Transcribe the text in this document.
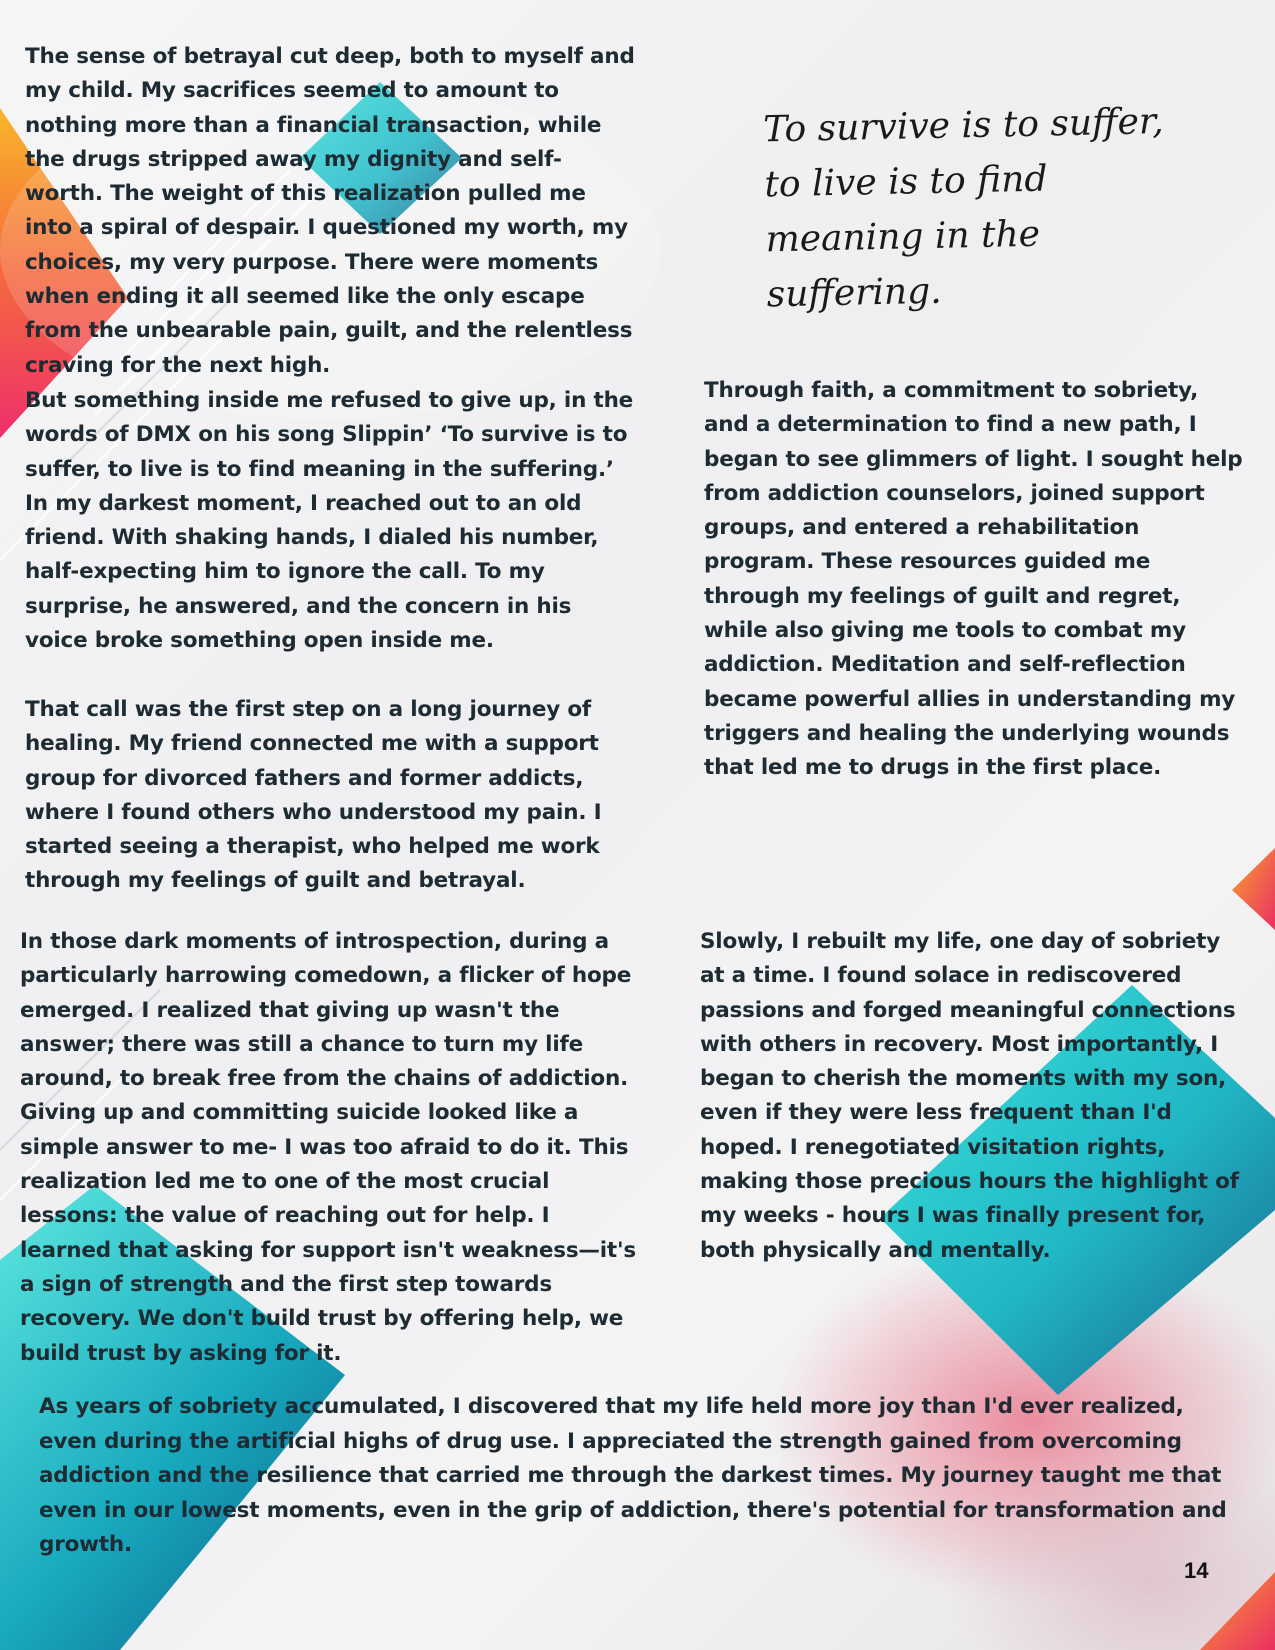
The sense of betrayal cut deep, both to myself and my child. My sacrifices seemed to amount to nothing more than a financial transaction, while the drugs stripped away my dignity and self-worth. The weight of this realization pulled me into a spiral of despair. I questioned my worth, my choices, my very purpose. There were moments when ending it all seemed like the only escape from the unbearable pain, guilt, and the relentless craving for the next high.

But something inside me refused to give up, in the words of DMX on his song Slippin’ ‘To survive is to suffer, to live is to find meaning in the suffering.’ In my darkest moment, I reached out to an old friend. With shaking hands, I dialed his number, half-expecting him to ignore the call. To my surprise, he answered, and the concern in his voice broke something open inside me.

That call was the first step on a long journey of healing. My friend connected me with a support group for divorced fathers and former addicts, where I found others who understood my pain. I started seeing a therapist, who helped me work through my feelings of guilt and betrayal.

In those dark moments of introspection, during a particularly harrowing comedown, a flicker of hope emerged. I realized that giving up wasn't the answer; there was still a chance to turn my life around, to break free from the chains of addiction. Giving up and committing suicide looked like a simple answer to me- I was too afraid to do it. This realization led me to one of the most crucial lessons: the value of reaching out for help. I learned that asking for support isn't weakness—it's a sign of strength and the first step towards recovery. We don't build trust by offering help, we build trust by asking for it.

To survive is to suffer, to live is to find meaning in the suffering.

Through faith, a commitment to sobriety, and a determination to find a new path, I began to see glimmers of light. I sought help from addiction counselors, joined support groups, and entered a rehabilitation program. These resources guided me through my feelings of guilt and regret, while also giving me tools to combat my addiction. Meditation and self-reflection became powerful allies in understanding my triggers and healing the underlying wounds that led me to drugs in the first place.

Slowly, I rebuilt my life, one day of sobriety at a time. I found solace in rediscovered passions and forged meaningful connections with others in recovery. Most importantly, I began to cherish the moments with my son, even if they were less frequent than I'd hoped. I renegotiated visitation rights, making those precious hours the highlight of my weeks - hours I was finally present for, both physically and mentally.

As years of sobriety accumulated, I discovered that my life held more joy than I'd ever realized, even during the artificial highs of drug use. I appreciated the strength gained from overcoming addiction and the resilience that carried me through the darkest times. My journey taught me that even in our lowest moments, even in the grip of addiction, there's potential for transformation and growth.

14
